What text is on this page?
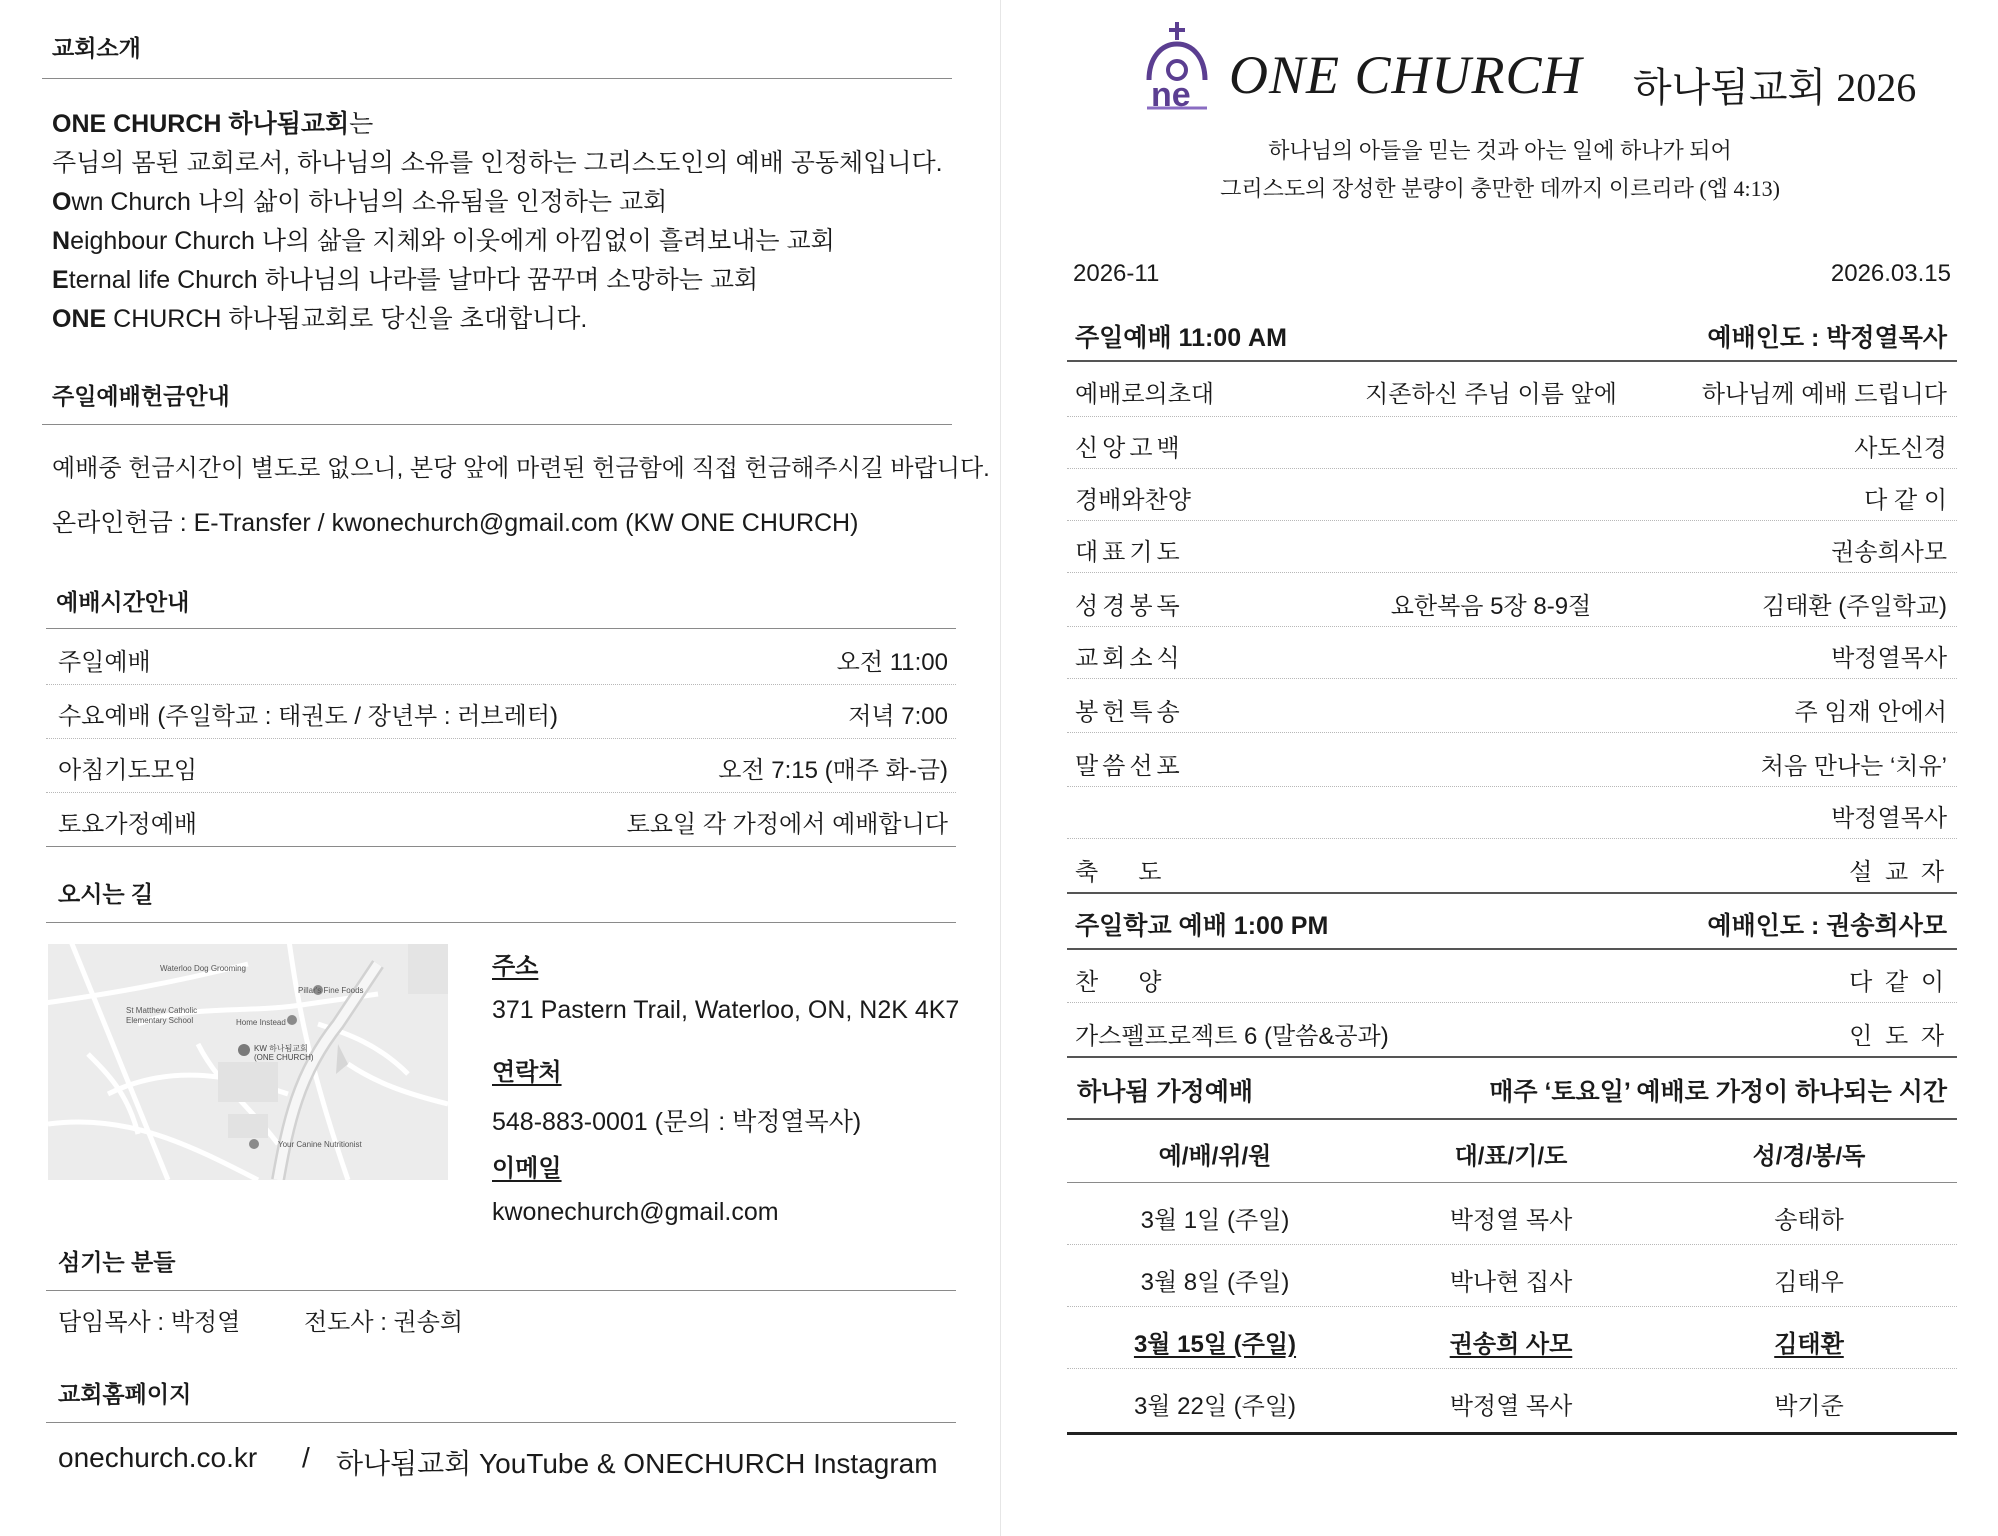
교회소개
ONE CHURCH 하나됨교회는
주님의 몸된 교회로서, 하나님의 소유를 인정하는 그리스도인의 예배 공동체입니다.
Own Church 나의 삶이 하나님의 소유됨을 인정하는 교회
Neighbour Church 나의 삶을 지체와 이웃에게 아낌없이 흘려보내는 교회
Eternal life Church 하나님의 나라를 날마다 꿈꾸며 소망하는 교회
ONE CHURCH 하나됨교회로 당신을 초대합니다.
주일예배헌금안내
예배중 헌금시간이 별도로 없으니, 본당 앞에 마련된 헌금함에 직접 헌금해주시길 바랍니다.
온라인헌금 : E-Transfer / kwonechurch@gmail.com (KW ONE CHURCH)
예배시간안내
주일예배	오전 11:00
수요예배 (주일학교 : 태권도 / 장년부 : 러브레터)	저녁 7:00
아침기도모임	오전 7:15 (매주 화-금)
토요가정예배	토요일 각 가정에서 예배합니다
오시는 길
Waterloo Dog Grooming
Pillar's Fine Foods
St Matthew Catholic Elementary School	Home Instead
KW 하나됨교회 (ONE CHURCH)
Your Canine Nutritionist
주소
371 Pastern Trail, Waterloo, ON, N2K 4K7
연락처
548-883-0001 (문의 : 박정열목사)
이메일
kwonechurch@gmail.com
섬기는 분들
담임목사 : 박정열	전도사 : 권송희
교회홈페이지
onechurch.co.kr / 하나됨교회 YouTube & ONECHURCH Instagram
ne ONE CHURCH 하나됨교회 2026
하나님의 아들을 믿는 것과 아는 일에 하나가 되어
그리스도의 장성한 분량이 충만한 데까지 이르리라 (엡 4:13)
2026-11	2026.03.15
주일예배 11:00 AM	예배인도 : 박정열목사
예배로의초대	지존하신 주님 이름 앞에	하나님께 예배 드립니다
신앙고백	사도신경
경배와찬양	다 같 이
대표기도	권송희사모
성경봉독	요한복음 5장 8-9절	김태환 (주일학교)
교회소식	박정열목사
봉헌특송	주 임재 안에서
말씀선포	처음 만나는 ‘치유’
박정열목사
축      도	설 교 자
주일학교 예배 1:00 PM	예배인도 : 권송희사모
찬      양	다 같 이
가스펠프로젝트 6 (말씀&공과)	인 도 자
하나됨 가정예배	매주 ‘토요일’ 예배로 가정이 하나되는 시간
예/배/위/원	대/표/기/도	성/경/봉/독
3월 1일 (주일)	박정열 목사	송태하
3월 8일 (주일)	박나현 집사	김태우
3월 15일 (주일)	권송희 사모	김태환
3월 22일 (주일)	박정열 목사	박기준
